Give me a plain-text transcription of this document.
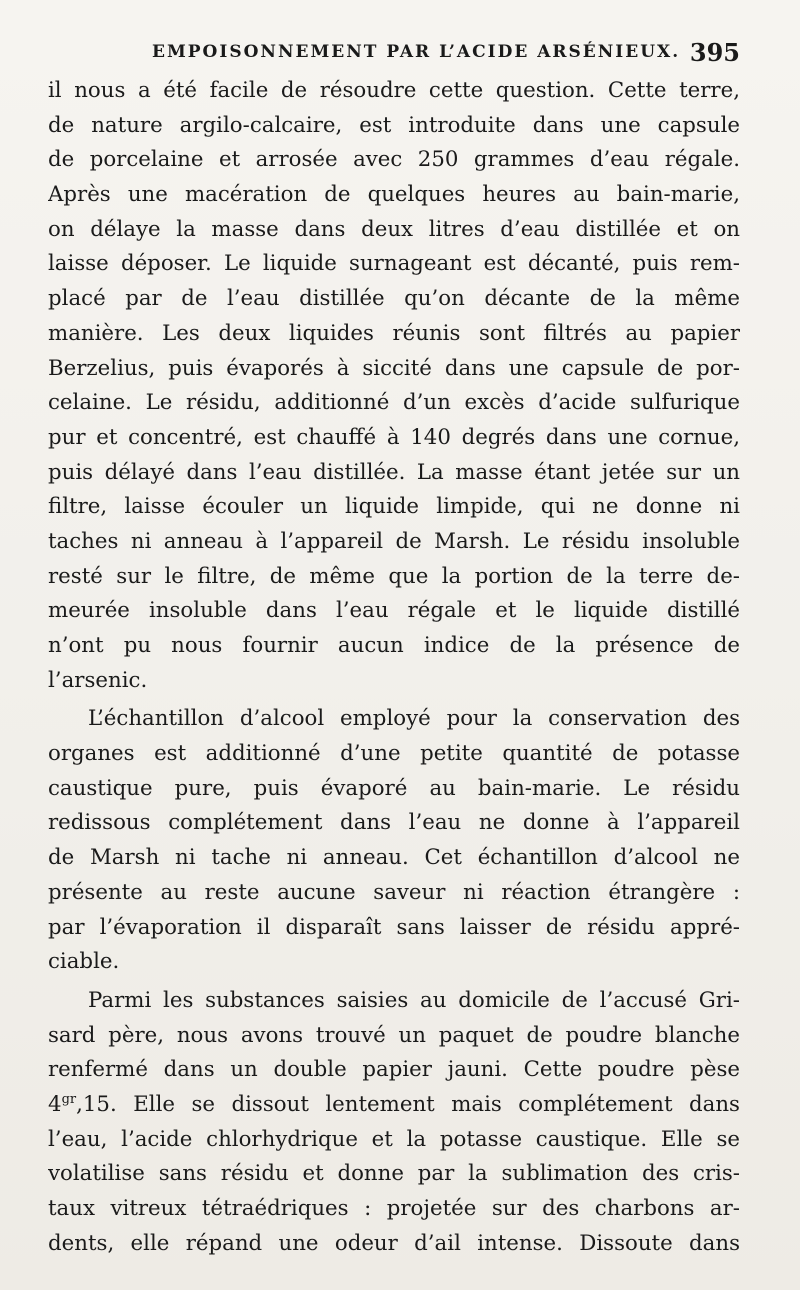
EMPOISONNEMENT PAR L’ACIDE ARSÉNIEUX. 395
il nous a été facile de résoudre cette question. Cette terre,
de nature argilo-calcaire, est introduite dans une capsule
de porcelaine et arrosée avec 250 grammes d’eau régale.
Après une macération de quelques heures au bain-marie,
on délaye la masse dans deux litres d’eau distillée et on
laisse déposer. Le liquide surnageant est décanté, puis rem-
placé par de l’eau distillée qu’on décante de la même
manière. Les deux liquides réunis sont filtrés au papier
Berzelius, puis évaporés à siccité dans une capsule de por-
celaine. Le résidu, additionné d’un excès d’acide sulfurique
pur et concentré, est chauffé à 140 degrés dans une cornue,
puis délayé dans l’eau distillée. La masse étant jetée sur un
filtre, laisse écouler un liquide limpide, qui ne donne ni
taches ni anneau à l’appareil de Marsh. Le résidu insoluble
resté sur le filtre, de même que la portion de la terre de-
meurée insoluble dans l’eau régale et le liquide distillé
n’ont pu nous fournir aucun indice de la présence de
l’arsenic.
L’échantillon d’alcool employé pour la conservation des
organes est additionné d’une petite quantité de potasse
caustique pure, puis évaporé au bain-marie. Le résidu
redissous complétement dans l’eau ne donne à l’appareil
de Marsh ni tache ni anneau. Cet échantillon d’alcool ne
présente au reste aucune saveur ni réaction étrangère :
par l’évaporation il disparaît sans laisser de résidu appré-
ciable.
Parmi les substances saisies au domicile de l’accusé Gri-
sard père, nous avons trouvé un paquet de poudre blanche
renfermé dans un double papier jauni. Cette poudre pèse
$4^{gr},15$. Elle se dissout lentement mais complétement dans
l’eau, l’acide chlorhydrique et la potasse caustique. Elle se
volatilise sans résidu et donne par la sublimation des cris-
taux vitreux tétraédriques : projetée sur des charbons ar-
dents, elle répand une odeur d’ail intense. Dissoute dans
